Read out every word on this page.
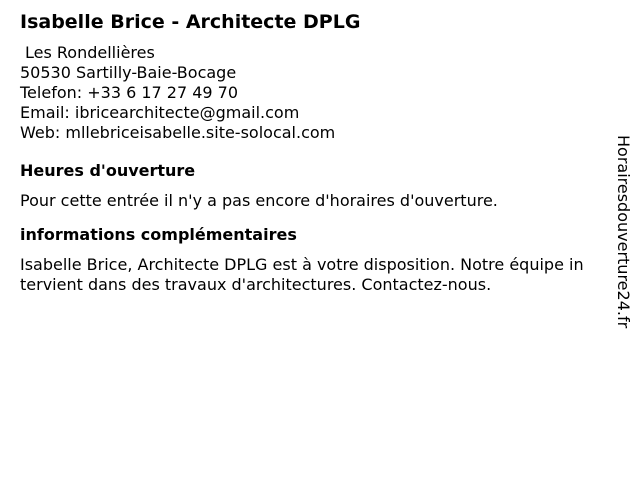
Isabelle Brice - Architecte DPLG
Les Rondellières
50530 Sartilly-Baie-Bocage
Telefon: +33 6 17 27 49 70
Email: ibricearchitecte@gmail.com
Web: mllebriceisabelle.site-solocal.com
Heures d'ouverture
Pour cette entrée il n'y a pas encore d'horaires d'ouverture.
informations complémentaires
Isabelle Brice, Architecte DPLG est à votre disposition. Notre équipe intervient dans des travaux d'architectures. Contactez-nous.	Horairesdouverture24.fr
